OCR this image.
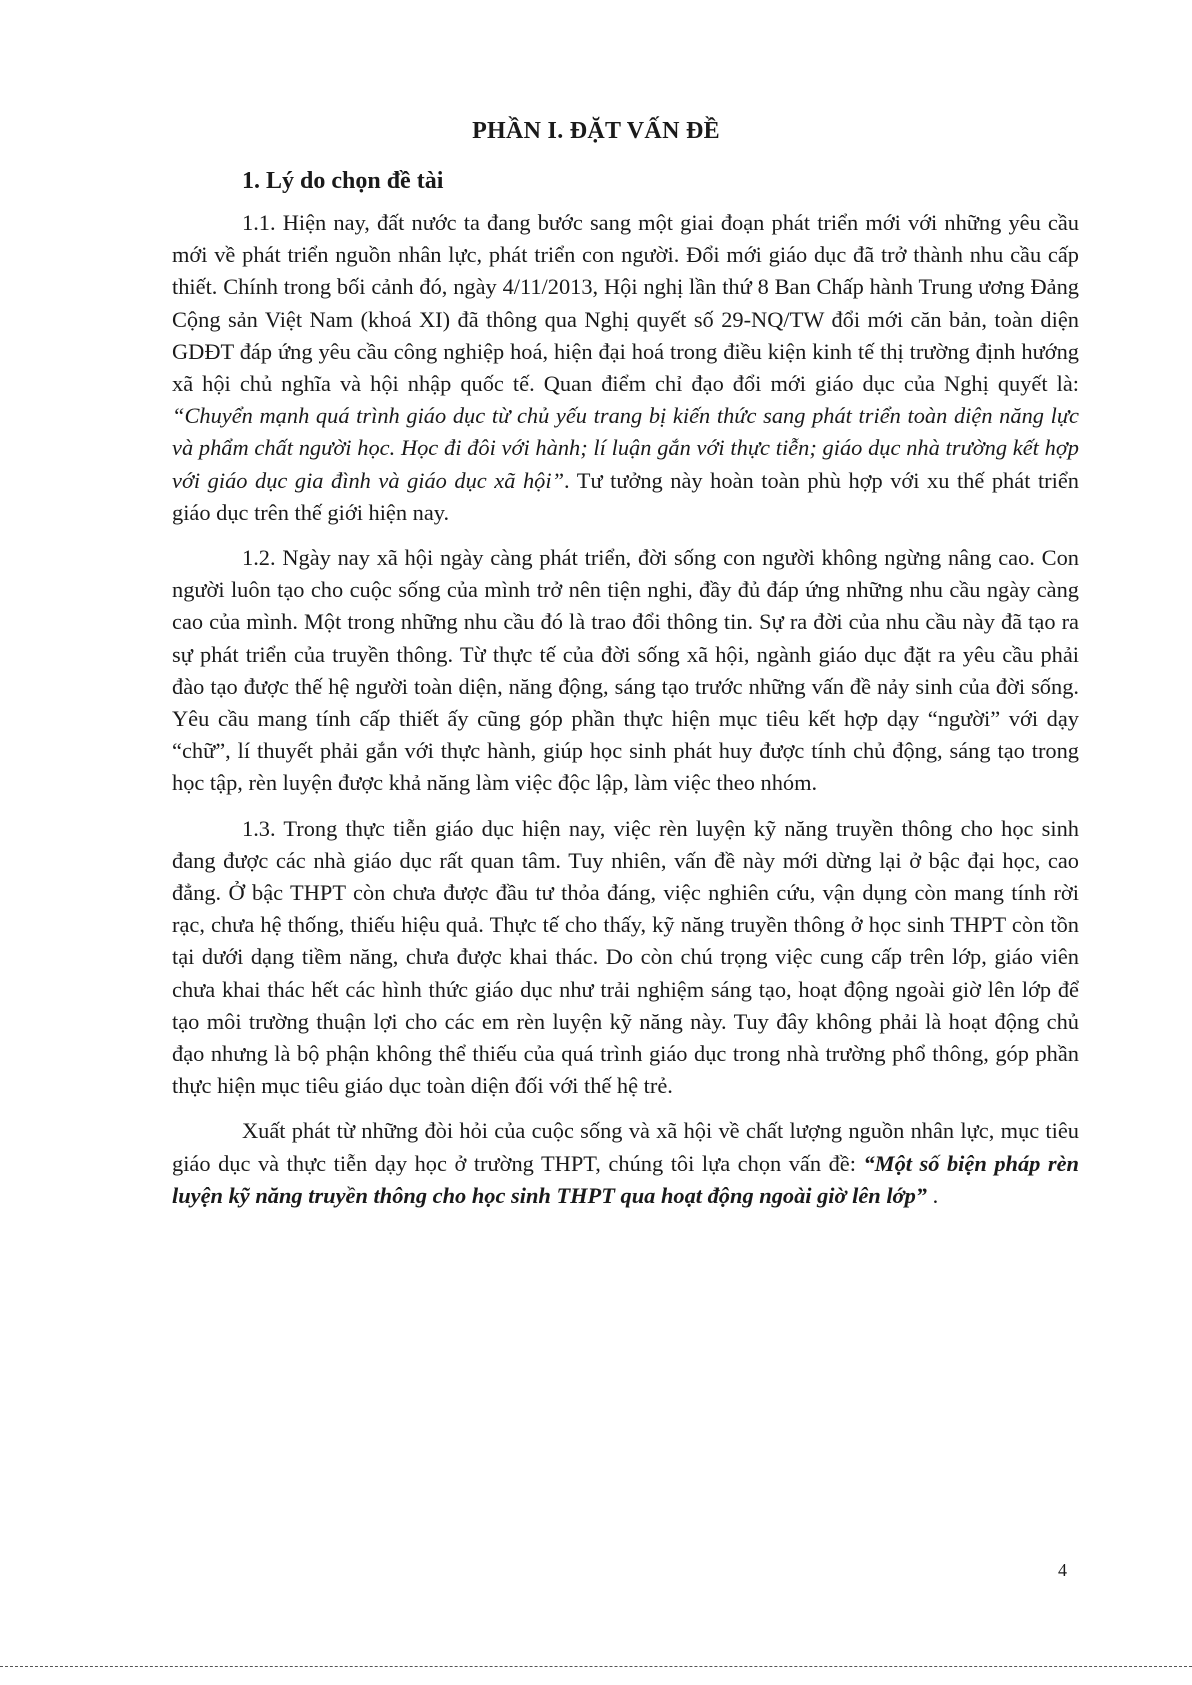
PHẦN I. ĐẶT VẤN ĐỀ
1. Lý do chọn đề tài

1.1. Hiện nay, đất nước ta đang bước sang một giai đoạn phát triển mới với những yêu cầu mới về phát triển nguồn nhân lực, phát triển con người. Đổi mới giáo dục đã trở thành nhu cầu cấp thiết. Chính trong bối cảnh đó, ngày 4/11/2013, Hội nghị lần thứ 8 Ban Chấp hành Trung ương Đảng Cộng sản Việt Nam (khoá XI) đã thông qua Nghị quyết số 29-NQ/TW đổi mới căn bản, toàn diện GDĐT đáp ứng yêu cầu công nghiệp hoá, hiện đại hoá trong điều kiện kinh tế thị trường định hướng xã hội chủ nghĩa và hội nhập quốc tế. Quan điểm chỉ đạo đổi mới giáo dục của Nghị quyết là: “Chuyển mạnh quá trình giáo dục từ chủ yếu trang bị kiến thức sang phát triển toàn diện năng lực và phẩm chất người học. Học đi đôi với hành; lí luận gắn với thực tiễn; giáo dục nhà trường kết hợp với giáo dục gia đình và giáo dục xã hội”. Tư tưởng này hoàn toàn phù hợp với xu thế phát triển giáo dục trên thế giới hiện nay.

1.2. Ngày nay xã hội ngày càng phát triển, đời sống con người không ngừng nâng cao. Con người luôn tạo cho cuộc sống của mình trở nên tiện nghi, đầy đủ đáp ứng những nhu cầu ngày càng cao của mình. Một trong những nhu cầu đó là trao đổi thông tin. Sự ra đời của nhu cầu này đã tạo ra sự phát triển của truyền thông. Từ thực tế của đời sống xã hội, ngành giáo dục đặt ra yêu cầu phải đào tạo được thế hệ người toàn diện, năng động, sáng tạo trước những vấn đề nảy sinh của đời sống. Yêu cầu mang tính cấp thiết ấy cũng góp phần thực hiện mục tiêu kết hợp dạy “người” với dạy “chữ”, lí thuyết phải gắn với thực hành, giúp học sinh phát huy được tính chủ động, sáng tạo trong học tập, rèn luyện được khả năng làm việc độc lập, làm việc theo nhóm.

1.3. Trong thực tiễn giáo dục hiện nay, việc rèn luyện kỹ năng truyền thông cho học sinh đang được các nhà giáo dục rất quan tâm. Tuy nhiên, vấn đề này mới dừng lại ở bậc đại học, cao đẳng. Ở bậc THPT còn chưa được đầu tư thỏa đáng, việc nghiên cứu, vận dụng còn mang tính rời rạc, chưa hệ thống, thiếu hiệu quả. Thực tế cho thấy, kỹ năng truyền thông ở học sinh THPT còn tồn tại dưới dạng tiềm năng, chưa được khai thác. Do còn chú trọng việc cung cấp trên lớp, giáo viên chưa khai thác hết các hình thức giáo dục như trải nghiệm sáng tạo, hoạt động ngoài giờ lên lớp để tạo môi trường thuận lợi cho các em rèn luyện kỹ năng này. Tuy đây không phải là hoạt động chủ đạo nhưng là bộ phận không thể thiếu của quá trình giáo dục trong nhà trường phổ thông, góp phần thực hiện mục tiêu giáo dục toàn diện đối với thế hệ trẻ.

Xuất phát từ những đòi hỏi của cuộc sống và xã hội về chất lượng nguồn nhân lực, mục tiêu giáo dục và thực tiễn dạy học ở trường THPT, chúng tôi lựa chọn vấn đề: “Một số biện pháp rèn luyện kỹ năng truyền thông cho học sinh THPT qua hoạt động ngoài giờ lên lớp” .

4
